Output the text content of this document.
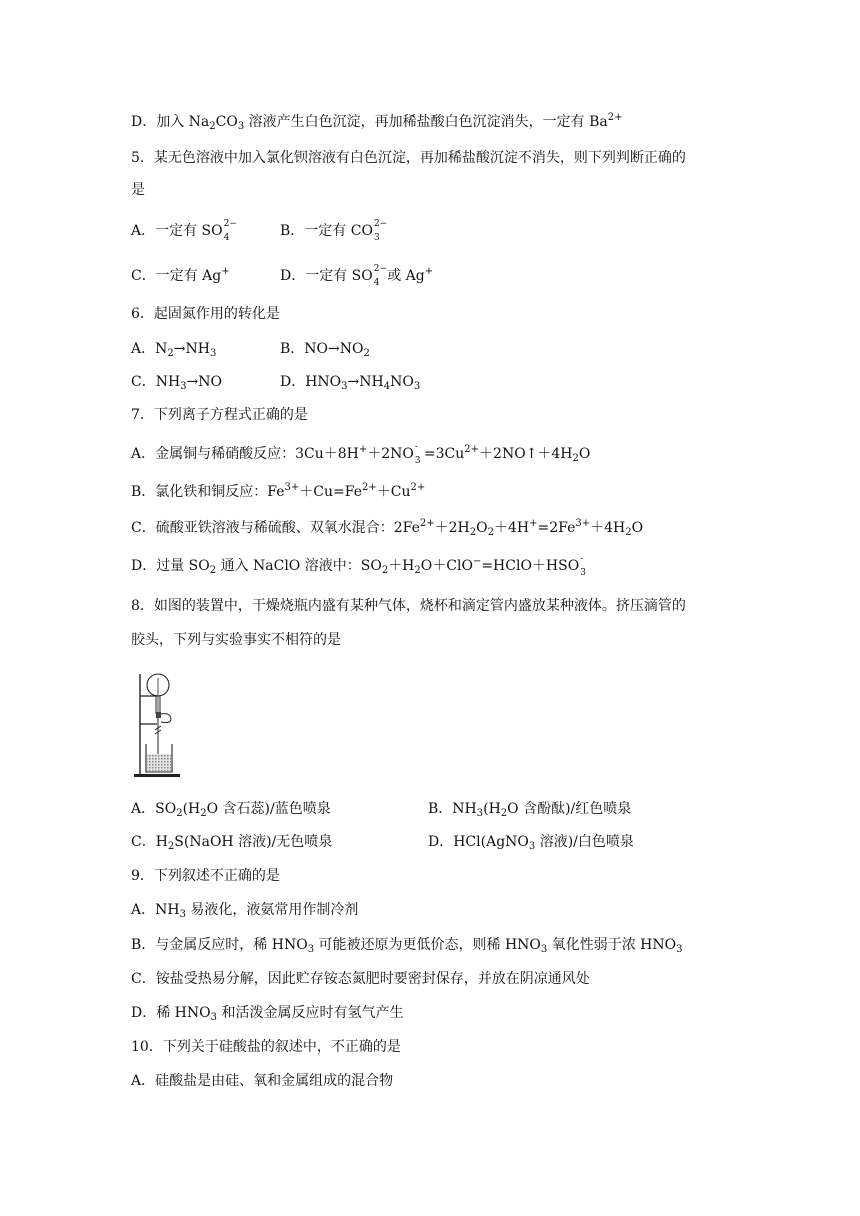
D．加入 $Na_2CO_3$ 溶液产生白色沉淀，再加稀盐酸白色沉淀消失，一定有 $Ba^{2+}$
5．某无色溶液中加入氯化钡溶液有白色沉淀，再加稀盐酸沉淀不消失，则下列判断正确的
是
A．一定有 SO 2−
4	B．一定有 CO 2−
3
C．一定有 Ag+	D．一定有 SO 2−
4 或 Ag+
6．起固氮作用的转化是
A．$N_2\to NH_3$	B．$NO\to NO_2$
C．$NH_3\to NO$	D．$HNO_3\to NH_4NO_3$
7．下列离子方程式正确的是
A．金属铜与稀硝酸反应：3Cu＋8H+＋2NO -
$3 =3Cu^{2+}+2NO↑+4H_2O$
B．氯化铁和铜反应：$Fe^{3+}+Cu=Fe^{2+}+Cu^{2+}$
C．硫酸亚铁溶液与稀硫酸、双氧水混合：$2Fe^{2+}+2H_2O_2+4H^+=2Fe^{3+}+4H_2O$
D．过量 $SO_2$ 通入 NaClO 溶液中：$SO_2+H_2O+ClO^-=HClO+HSO$ -
3
8．如图的装置中，干燥烧瓶内盛有某种气体，烧杯和滴定管内盛放某种液体。挤压滴管的
胶头，下列与实验事实不相符的是
A．$SO_2(H_2O$ 含石蕊)/蓝色喷泉	B．$NH_3(H_2O$ 含酚酞)/红色喷泉
C．$H_2S(NaOH$ 溶液)/无色喷泉	D．HCl(AgNO$_3$ 溶液)/白色喷泉
9．下列叙述不正确的是
A．$NH_3$ 易液化，液氨常用作制冷剂
B．与金属反应时，稀 $HNO_3$ 可能被还原为更低价态，则稀 $HNO_3$ 氧化性弱于浓 $HNO_3$
C．铵盐受热易分解，因此贮存铵态氮肥时要密封保存，并放在阴凉通风处
D．稀 $HNO_3$ 和活泼金属反应时有氢气产生
10．下列关于硅酸盐的叙述中，不正确的是
A．硅酸盐是由硅、氧和金属组成的混合物
